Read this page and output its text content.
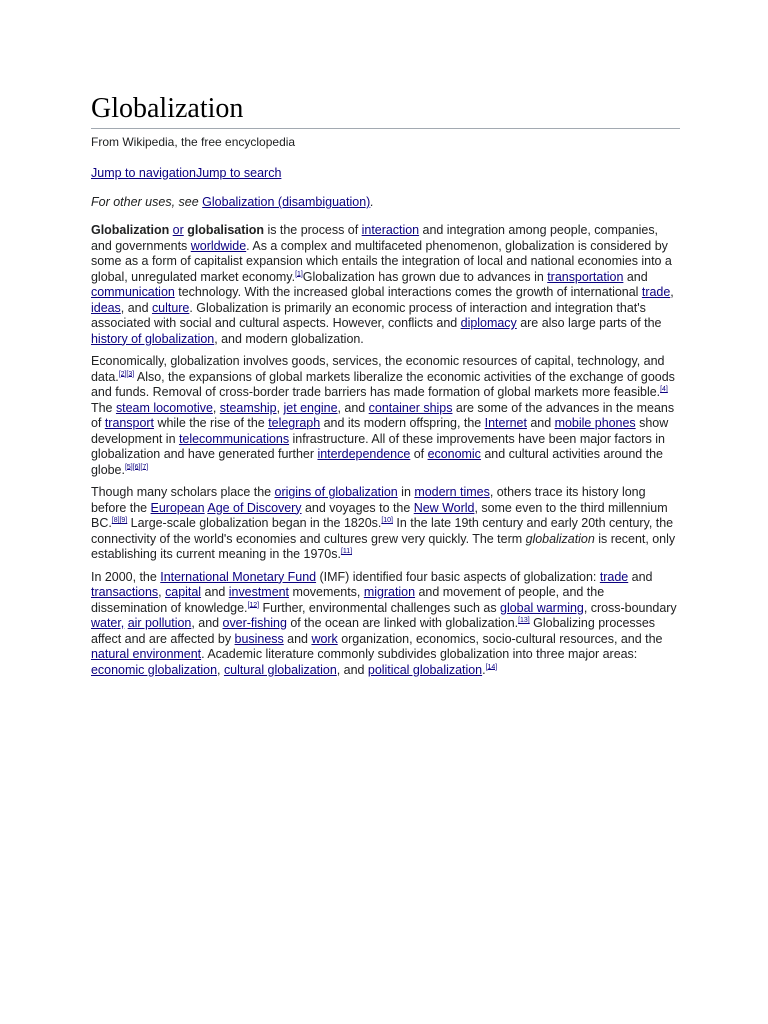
Globalization
From Wikipedia, the free encyclopedia
Jump to navigationJump to search
For other uses, see Globalization (disambiguation).

Globalization or globalisation is the process of interaction and integration among people, companies, and governments worldwide. As a complex and multifaceted phenomenon, globalization is considered by some as a form of capitalist expansion which entails the integration of local and national economies into a global, unregulated market economy.[1]Globalization has grown due to advances in transportation and communication technology. With the increased global interactions comes the growth of international trade, ideas, and culture. Globalization is primarily an economic process of interaction and integration that's associated with social and cultural aspects. However, conflicts and diplomacy are also large parts of the history of globalization, and modern globalization.

Economically, globalization involves goods, services, the economic resources of capital, technology, and data.[2][3] Also, the expansions of global markets liberalize the economic activities of the exchange of goods and funds. Removal of cross-border trade barriers has made formation of global markets more feasible.[4] The steam locomotive, steamship, jet engine, and container ships are some of the advances in the means of transport while the rise of the telegraph and its modern offspring, the Internet and mobile phones show development in telecommunications infrastructure. All of these improvements have been major factors in globalization and have generated further interdependence of economic and cultural activities around the globe.[5][6][7]

Though many scholars place the origins of globalization in modern times, others trace its history long before the European Age of Discovery and voyages to the New World, some even to the third millennium BC.[8][9] Large-scale globalization began in the 1820s.[10] In the late 19th century and early 20th century, the connectivity of the world's economies and cultures grew very quickly. The term globalization is recent, only establishing its current meaning in the 1970s.[11]

In 2000, the International Monetary Fund (IMF) identified four basic aspects of globalization: trade and transactions, capital and investment movements, migration and movement of people, and the dissemination of knowledge.[12] Further, environmental challenges such as global warming, cross-boundary water, air pollution, and over-fishing of the ocean are linked with globalization.[13] Globalizing processes affect and are affected by business and work organization, economics, socio-cultural resources, and the natural environment. Academic literature commonly subdivides globalization into three major areas: economic globalization, cultural globalization, and political globalization.[14]
